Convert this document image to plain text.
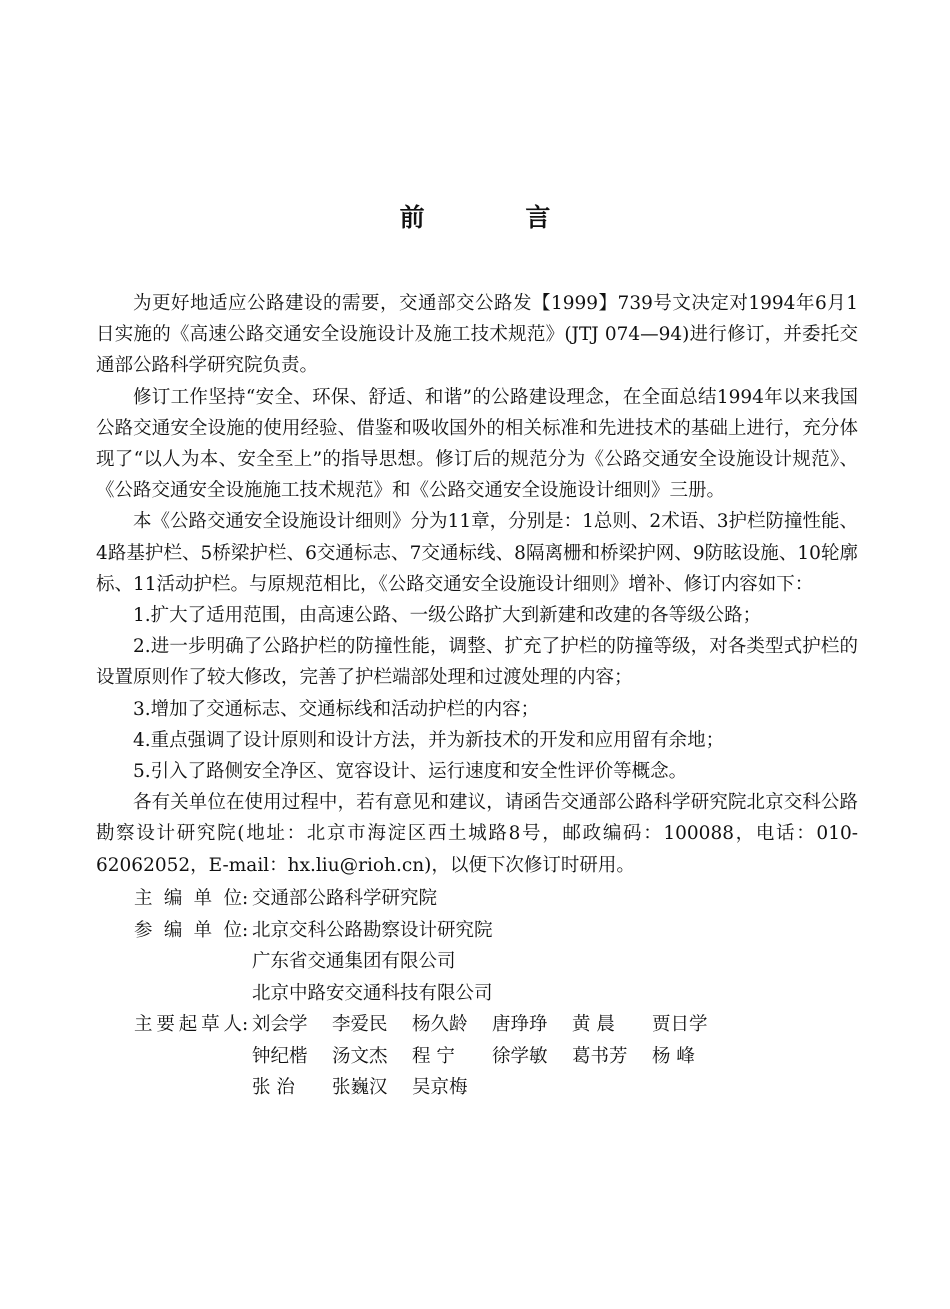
前 言

为更好地适应公路建设的需要，交通部交公路发【1999】739号文决定对1994年6月1日实施的《高速公路交通安全设施设计及施工技术规范》(JTJ 074—94)进行修订，并委托交通部公路科学研究院负责。

修订工作坚持“安全、环保、舒适、和谐”的公路建设理念，在全面总结1994年以来我国公路交通安全设施的使用经验、借鉴和吸收国外的相关标准和先进技术的基础上进行，充分体现了“以人为本、安全至上”的指导思想。修订后的规范分为《公路交通安全设施设计规范》、《公路交通安全设施施工技术规范》和《公路交通安全设施设计细则》三册。

本《公路交通安全设施设计细则》分为11章，分别是：1总则、2术语、3护栏防撞性能、4路基护栏、5桥梁护栏、6交通标志、7交通标线、8隔离栅和桥梁护网、9防眩设施、10轮廓标、11活动护栏。与原规范相比，《公路交通安全设施设计细则》增补、修订内容如下：

1.扩大了适用范围，由高速公路、一级公路扩大到新建和改建的各等级公路；

2.进一步明确了公路护栏的防撞性能，调整、扩充了护栏的防撞等级，对各类型式护栏的设置原则作了较大修改，完善了护栏端部处理和过渡处理的内容；

3.增加了交通标志、交通标线和活动护栏的内容；

4.重点强调了设计原则和设计方法，并为新技术的开发和应用留有余地；

5.引入了路侧安全净区、宽容设计、运行速度和安全性评价等概念。

各有关单位在使用过程中，若有意见和建议，请函告交通部公路科学研究院北京交科公路勘察设计研究院(地址：北京市海淀区西土城路8号，邮政编码：100088，电话：010-62062052，E-mail：hx.liu@rioh.cn)，以便下次修订时研用。

主编单位 : 交通部公路科学研究院
参编单位 : 北京交科公路勘察设计研究院
广东省交通集团有限公司
北京中路安交通科技有限公司
主要起草人 : 刘会学	李爱民	杨久龄	唐琤琤	黄 晨	贾日学
钟纪楷	汤文杰	程 宁	徐学敏	葛书芳	杨 峰
张 治	张巍汉	吴京梅
